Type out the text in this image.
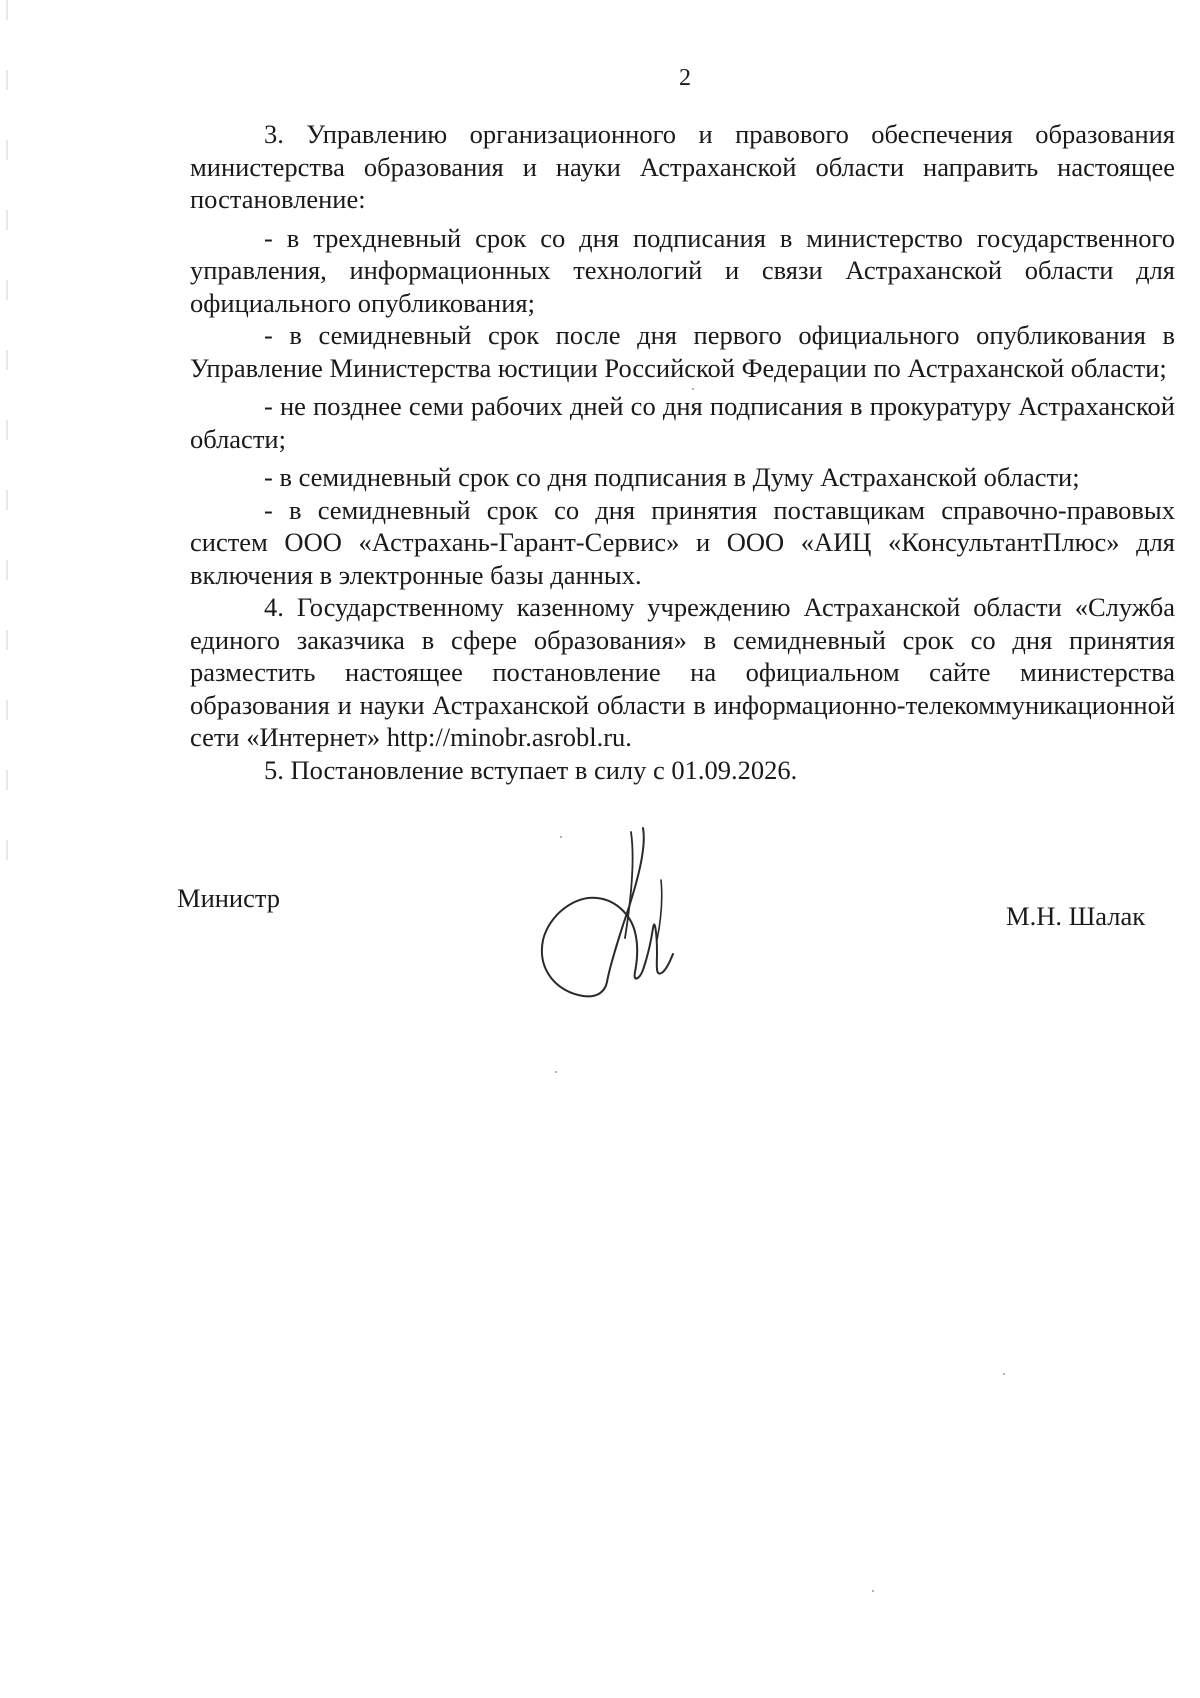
2

3. Управлению организационного и правового обеспечения образования министерства образования и науки Астраханской области направить настоящее постановление:

- в трехдневный срок со дня подписания в министерство государственного управления, информационных технологий и связи Астраханской области для официального опубликования;

- в семидневный срок после дня первого официального опубликования в Управление Министерства юстиции Российской Федерации по Астраханской области;

- не позднее семи рабочих дней со дня подписания в прокуратуру Астраханской области;

- в семидневный срок со дня подписания в Думу Астраханской области;

- в семидневный срок со дня принятия поставщикам справочно-правовых систем ООО «Астрахань-Гарант-Сервис» и ООО «АИЦ «КонсультантПлюс» для включения в электронные базы данных.

4. Государственному казенному учреждению Астраханской области «Служба единого заказчика в сфере образования» в семидневный срок со дня принятия разместить настоящее постановление на официальном сайте министерства образования и науки Астраханской области в информационно-телекоммуникационной сети «Интернет» http://minobr.asrobl.ru.

5. Постановление вступает в силу с 01.09.2026.

Министр
М.Н. Шалак
